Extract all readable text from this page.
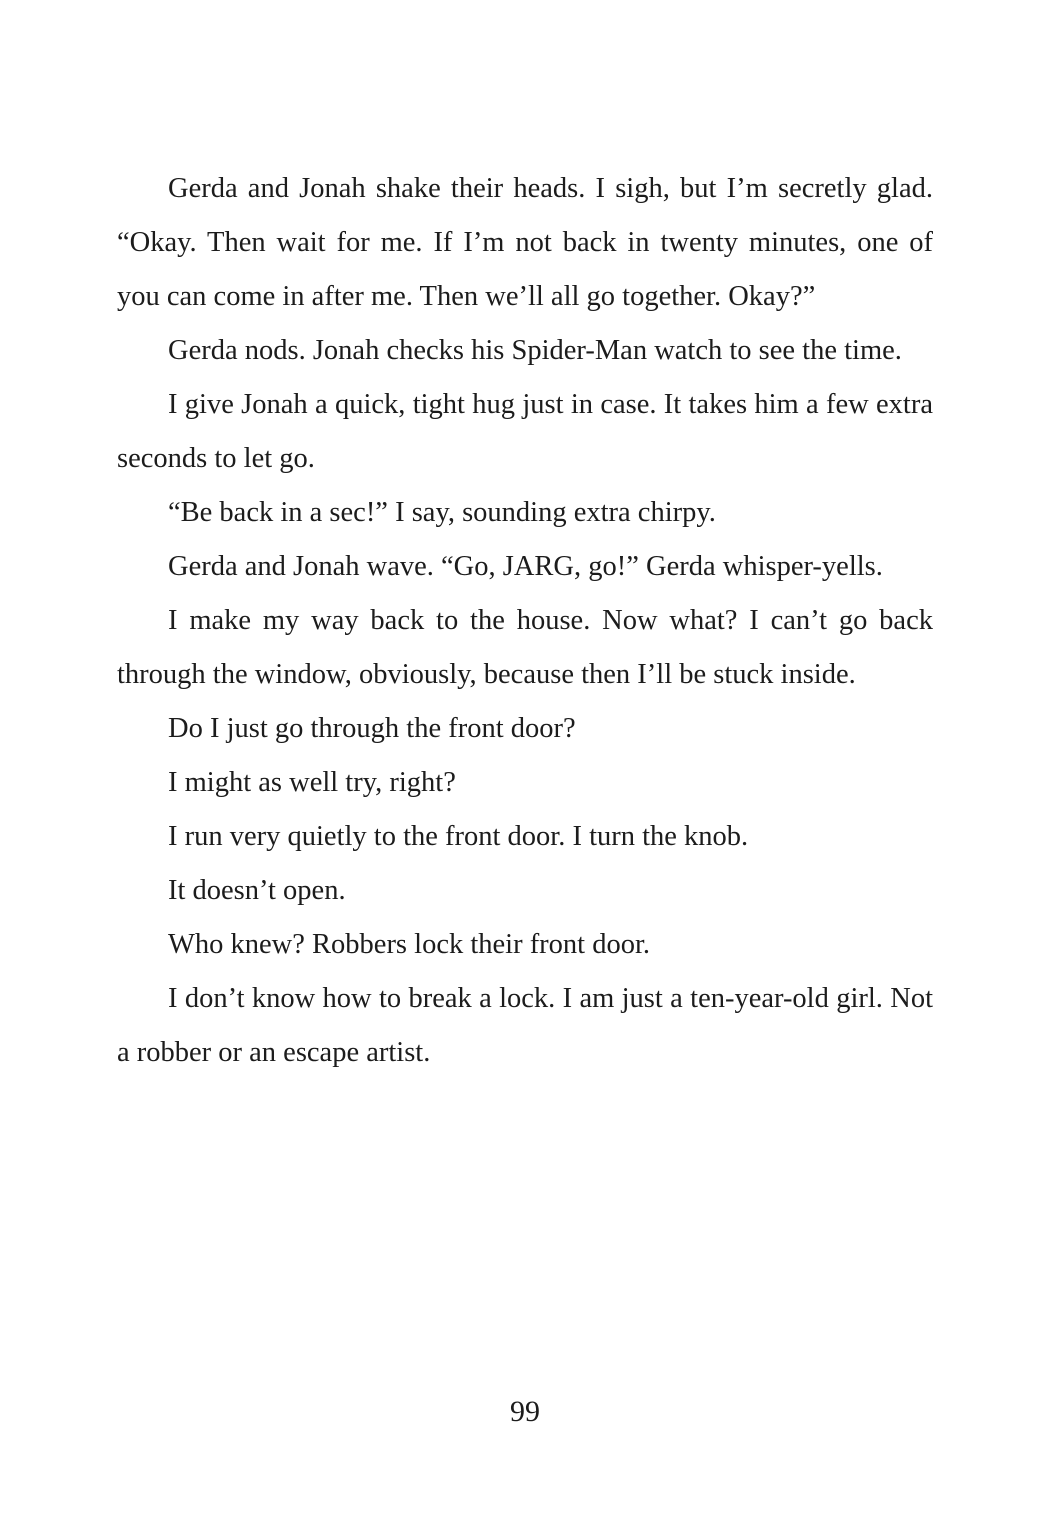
Gerda and Jonah shake their heads. I sigh, but I’m secretly glad. “Okay. Then wait for me. If I’m not back in twenty minutes, one of you can come in after me. Then we’ll all go together. Okay?”

Gerda nods. Jonah checks his Spider-Man watch to see the time.

I give Jonah a quick, tight hug just in case. It takes him a few extra seconds to let go.

“Be back in a sec!” I say, sounding extra chirpy.

Gerda and Jonah wave. “Go, JARG, go!” Gerda whisper-yells.

I make my way back to the house. Now what? I can’t go back through the window, obviously, because then I’ll be stuck inside.

Do I just go through the front door?

I might as well try, right?

I run very quietly to the front door. I turn the knob.

It doesn’t open.

Who knew? Robbers lock their front door.

I don’t know how to break a lock. I am just a ten-year-old girl. Not a robber or an escape artist.

99
